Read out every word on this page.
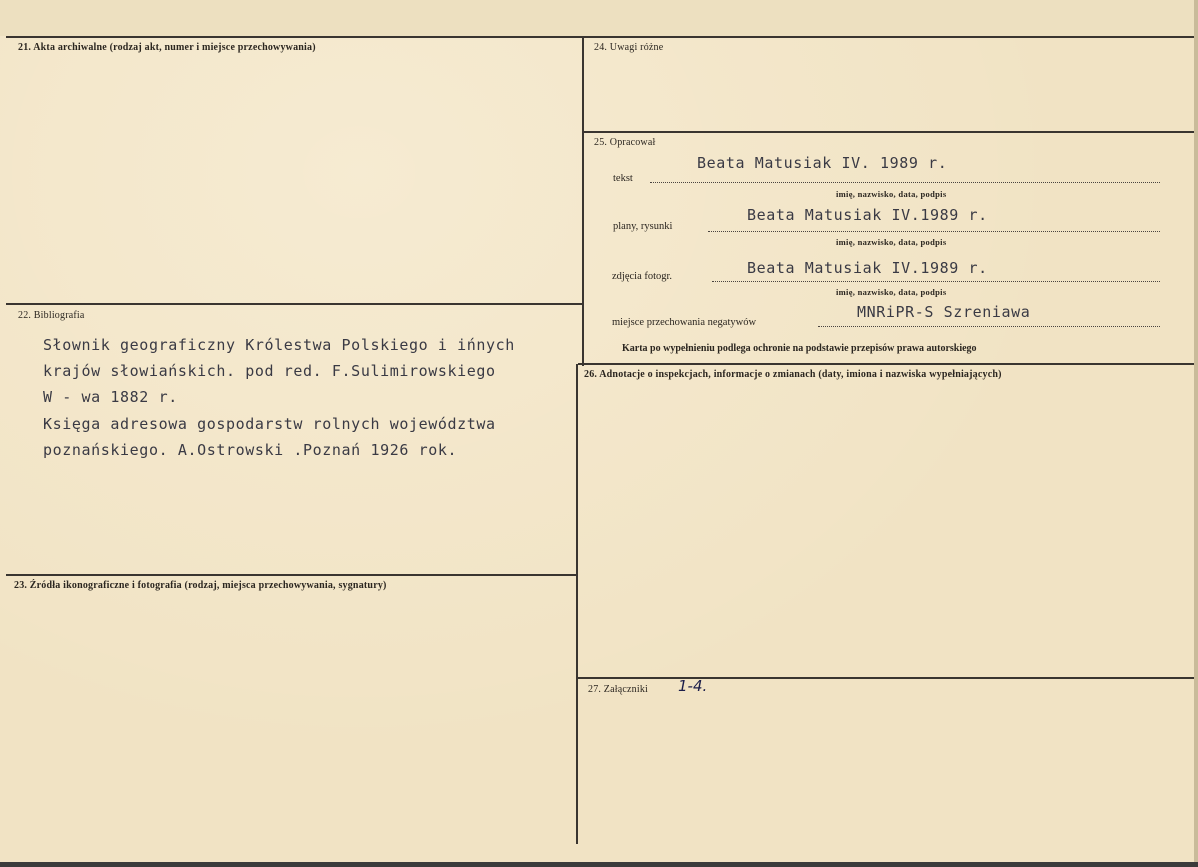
21. Akta archiwalne (rodzaj akt, numer i miejsce przechowywania)
22. Bibliografia
Słownik geograficzny Królestwa Polskiego i ińnych
krajów słowiańskich. pod red. F.Sulimirowskiego
W - wa 1882 r.
Księga adresowa gospodarstw rolnych województwa
poznańskiego. A.Ostrowski .Poznań 1926 rok.
23. Źródła ikonograficzne i fotografia (rodzaj, miejsca przechowywania, sygnatury)
24. Uwagi różne
25. Opracował
Beata Matusiak IV. 1989 r.
tekst
imię, nazwisko, data, podpis
Beata Matusiak IV.1989 r.
plany, rysunki
imię, nazwisko, data, podpis
Beata Matusiak IV.1989 r.
zdjęcia fotogr.
imię, nazwisko, data, podpis
MNRiPR-S Szreniawa
miejsce przechowania negatywów
Karta po wypełnieniu podlega ochronie na podstawie przepisów prawa autorskiego
26. Adnotacje o inspekcjach, informacje o zmianach (daty, imiona i nazwiska wypełniających)
27. Załączniki 1-4.
